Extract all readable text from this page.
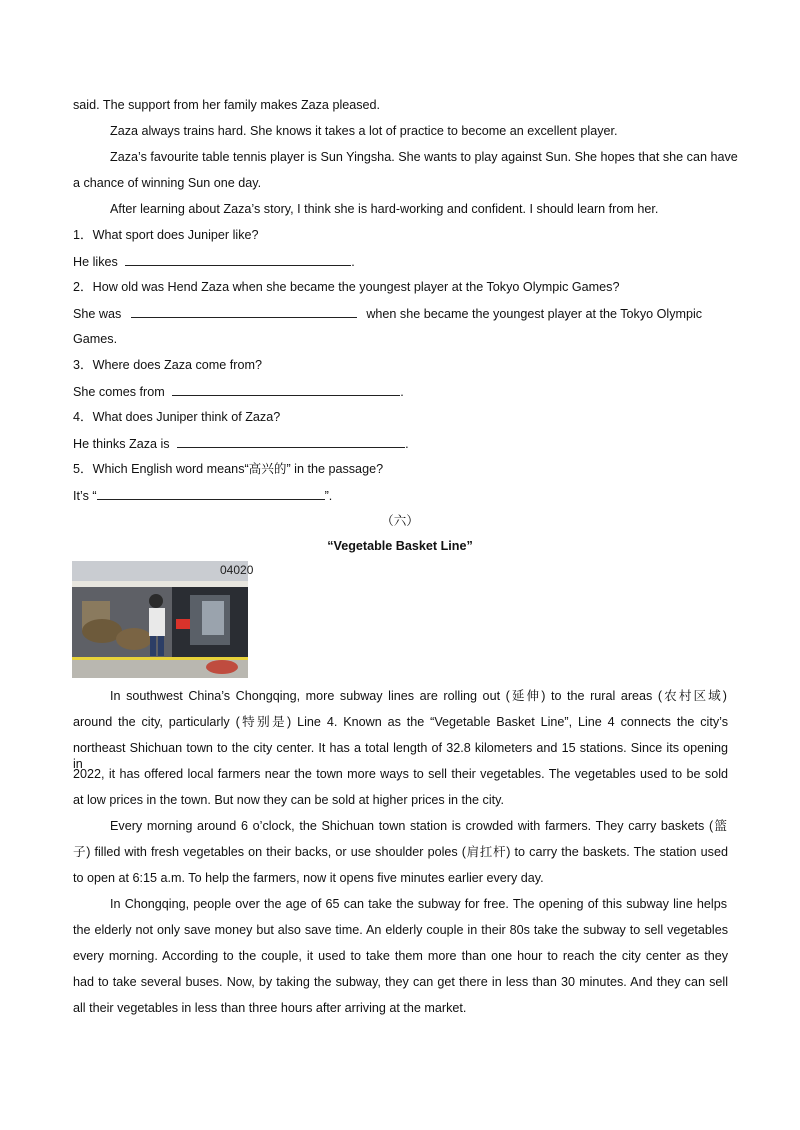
said. The support from her family makes Zaza pleased.
Zaza always trains hard. She knows it takes a lot of practice to become an excellent player.
Zaza’s favourite table tennis player is Sun Yingsha. She wants to play against Sun. She hopes that she can have
a chance of winning Sun one day.
After learning about Zaza’s story, I think she is hard-working and confident. I should learn from her.
1．What sport does Juniper like?
He likes	.
2．How old was Hend Zaza when she became the youngest player at the Tokyo Olympic Games?
She was	when she became the youngest player at the Tokyo Olympic
Games.
3．Where does Zaza come from?
She comes from	.
4．What does Juniper think of Zaza?
He thinks Zaza is	.
5．Which English word means“高兴的” in the passage?
It’s “	”.
（六）
“Vegetable Basket Line”
04020
In southwest China’s Chongqing, more subway lines are rolling out (延伸) to the rural areas (农村区域)
around the city, particularly (特别是) Line 4. Known as the “Vegetable Basket Line”, Line 4 connects the city’s
northeast Shichuan town to the city center. It has a total length of 32.8 kilometers and 15 stations. Since its opening in
2022, it has offered local farmers near the town more ways to sell their vegetables. The vegetables used to be sold
at low prices in the town. But now they can be sold at higher prices in the city.
Every morning around 6 o’clock, the Shichuan town station is crowded with farmers. They carry baskets (篮
子) filled with fresh vegetables on their backs, or use shoulder poles (肩扛杆) to carry the baskets. The station used
to open at 6:15 a.m. To help the farmers, now it opens five minutes earlier every day.
In Chongqing, people over the age of 65 can take the subway for free. The opening of this subway line helps
the elderly not only save money but also save time. An elderly couple in their 80s take the subway to sell vegetables
every morning. According to the couple, it used to take them more than one hour to reach the city center as they
had to take several buses. Now, by taking the subway, they can get there in less than 30 minutes. And they can sell
all their vegetables in less than three hours after arriving at the market.
